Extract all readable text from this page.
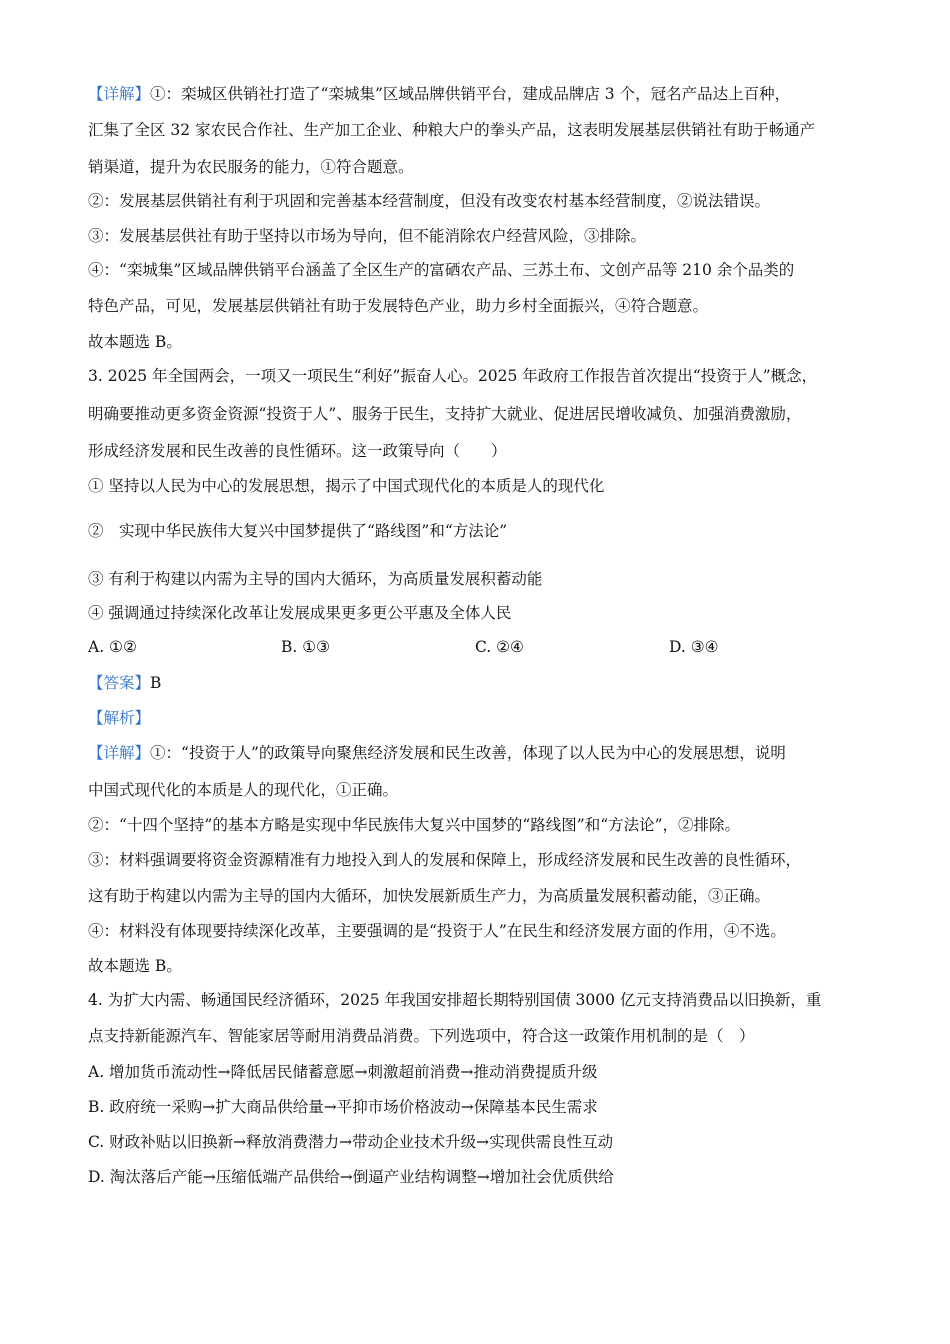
【详解】①：栾城区供销社打造了“栾城集”区域品牌供销平台，建成品牌店 3 个，冠名产品达上百种，
汇集了全区 32 家农民合作社、生产加工企业、种粮大户的拳头产品，这表明发展基层供销社有助于畅通产
销渠道，提升为农民服务的能力，①符合题意。
②：发展基层供销社有利于巩固和完善基本经营制度，但没有改变农村基本经营制度，②说法错误。
③：发展基层供社有助于坚持以市场为导向，但不能消除农户经营风险，③排除。
④：“栾城集”区域品牌供销平台涵盖了全区生产的富硒农产品、三苏土布、文创产品等 210 余个品类的
特色产品，可见，发展基层供销社有助于发展特色产业，助力乡村全面振兴，④符合题意。
故本题选 B。
3. 2025 年全国两会，一项又一项民生“利好”振奋人心。2025 年政府工作报告首次提出“投资于人”概念，
明确要推动更多资金资源“投资于人”、服务于民生，支持扩大就业、促进居民增收减负、加强消费激励，
形成经济发展和民生改善的良性循环。这一政策导向（　　）
① 坚持以人民为中心的发展思想，揭示了中国式现代化的本质是人的现代化
②　实现中华民族伟大复兴中国梦提供了“路线图”和“方法论”
③ 有利于构建以内需为主导的国内大循环，为高质量发展积蓄动能
④ 强调通过持续深化改革让发展成果更多更公平惠及全体人民
A. ①②	B. ①③	C. ②④	D. ③④
【答案】B
【解析】
【详解】①：“投资于人”的政策导向聚焦经济发展和民生改善，体现了以人民为中心的发展思想，说明
中国式现代化的本质是人的现代化，①正确。
②：“十四个坚持”的基本方略是实现中华民族伟大复兴中国梦的“路线图”和“方法论”，②排除。
③：材料强调要将资金资源精准有力地投入到人的发展和保障上，形成经济发展和民生改善的良性循环，
这有助于构建以内需为主导的国内大循环，加快发展新质生产力，为高质量发展积蓄动能，③正确。
④：材料没有体现要持续深化改革，主要强调的是“投资于人”在民生和经济发展方面的作用，④不选。
故本题选 B。
4. 为扩大内需、畅通国民经济循环，2025 年我国安排超长期特别国债 3000 亿元支持消费品以旧换新，重
点支持新能源汽车、智能家居等耐用消费品消费。下列选项中，符合这一政策作用机制的是（　）
A. 增加货币流动性→降低居民储蓄意愿→刺激超前消费→推动消费提质升级
B. 政府统一采购→扩大商品供给量→平抑市场价格波动→保障基本民生需求
C. 财政补贴以旧换新→释放消费潜力→带动企业技术升级→实现供需良性互动
D. 淘汰落后产能→压缩低端产品供给→倒逼产业结构调整→增加社会优质供给
